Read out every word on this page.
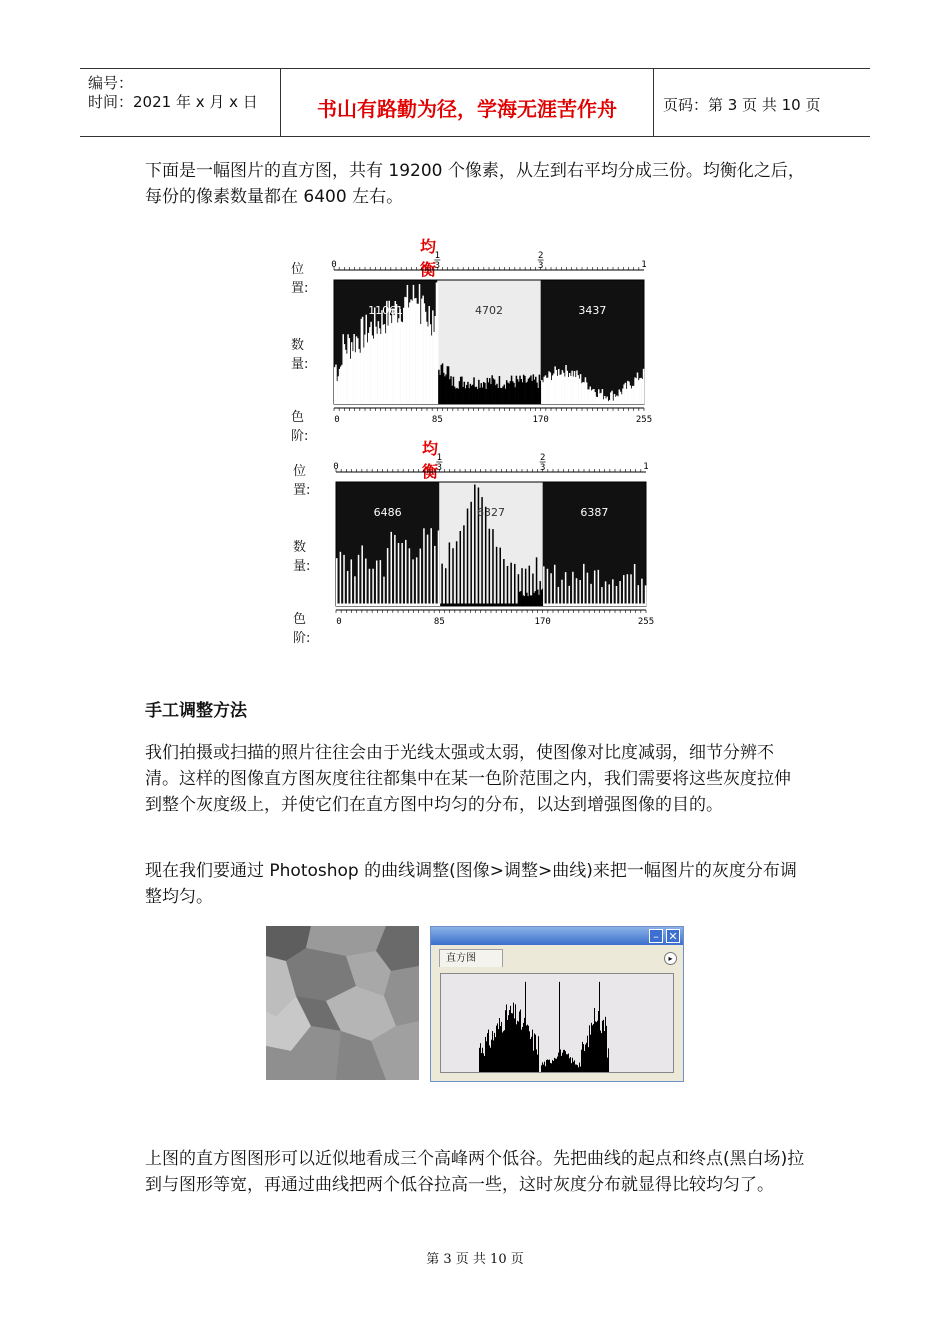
编号：
时间：2021 年 x 月 x 日	书山有路勤为径，学海无涯苦作舟	页码：第 3 页 共 10 页

下面是一幅图片的直方图，共有 19200 个像素，从左到右平均分成三份。均衡化之后，每份的像素数量都在 6400 左右。

均衡
位置:
数量:
色阶:
0
1
3
2
3	1
11061	4702	3437
0	85	170	255
均衡
位置:
数量:
色阶:
0
1
3
2
3	1
6486	6327	6387
0	85	170	255
手工调整方法

我们拍摄或扫描的照片往往会由于光线太强或太弱，使图像对比度减弱，细节分辨不清。这样的图像直方图灰度往往都集中在某一色阶范围之内，我们需要将这些灰度拉伸到整个灰度级上，并使它们在直方图中均匀的分布，以达到增强图像的目的。

现在我们要通过 Photoshop 的曲线调整(图像>调整>曲线)来把一幅图片的灰度分布调整均匀。

– ✕
直方图	▸

上图的直方图图形可以近似地看成三个高峰两个低谷。先把曲线的起点和终点(黑白场)拉到与图形等宽，再通过曲线把两个低谷拉高一些，这时灰度分布就显得比较均匀了。

第 3 页 共 10 页
